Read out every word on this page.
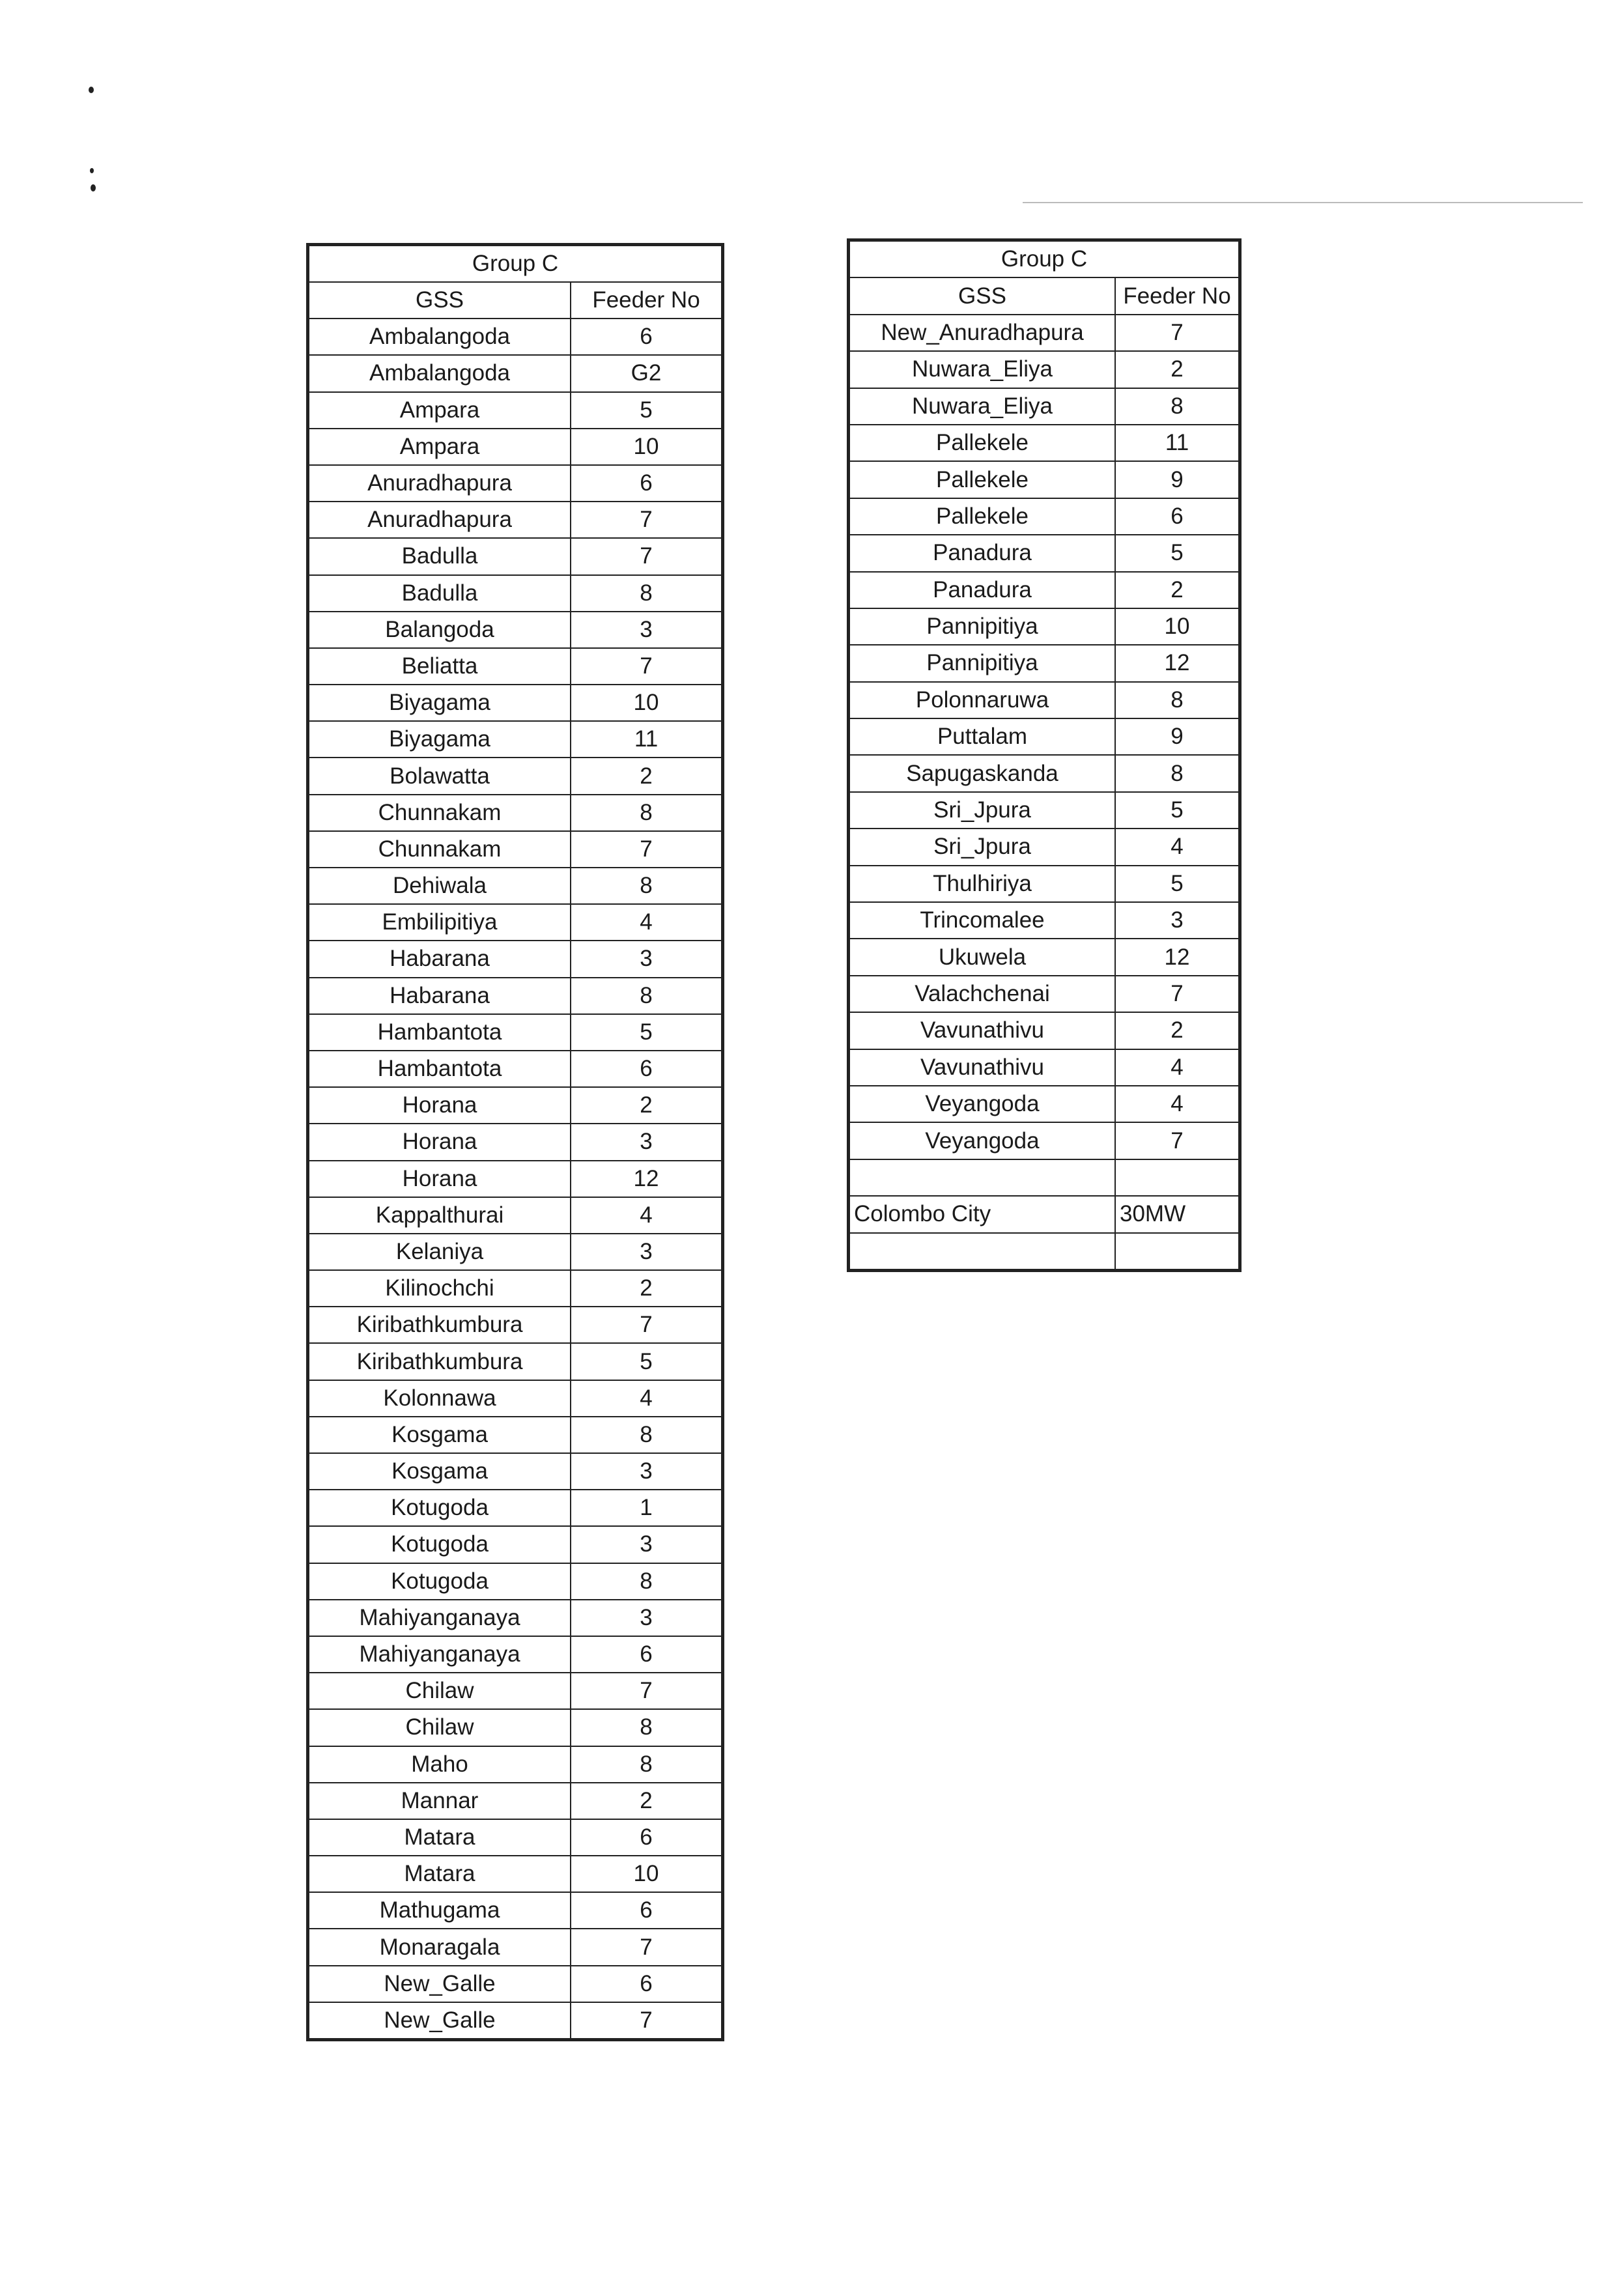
Group C	
GSS	Feeder No
Ambalangoda	6
Ambalangoda	G2
Ampara	5
Ampara	10
Anuradhapura	6
Anuradhapura	7
Badulla	7
Badulla	8
Balangoda	3
Beliatta	7
Biyagama	10
Biyagama	11
Bolawatta	2
Chunnakam	8
Chunnakam	7
Dehiwala	8
Embilipitiya	4
Habarana	3
Habarana	8
Hambantota	5
Hambantota	6
Horana	2
Horana	3
Horana	12
Kappalthurai	4
Kelaniya	3
Kilinochchi	2
Kiribathkumbura	7
Kiribathkumbura	5
Kolonnawa	4
Kosgama	8
Kosgama	3
Kotugoda	1
Kotugoda	3
Kotugoda	8
Mahiyanganaya	3
Mahiyanganaya	6
Chilaw	7
Chilaw	8
Maho	8
Mannar	2
Matara	6
Matara	10
Mathugama	6
Monaragala	7
New_Galle	6
New_Galle	7
Group C	
GSS	Feeder No
New_Anuradhapura	7
Nuwara_Eliya	2
Nuwara_Eliya	8
Pallekele	11
Pallekele	9
Pallekele	6
Panadura	5
Panadura	2
Pannipitiya	10
Pannipitiya	12
Polonnaruwa	8
Puttalam	9
Sapugaskanda	8
Sri_Jpura	5
Sri_Jpura	4
Thulhiriya	5
Trincomalee	3
Ukuwela	12
Valachchenai	7
Vavunathivu	2
Vavunathivu	4
Veyangoda	4
Veyangoda	7

Colombo City	30MW
